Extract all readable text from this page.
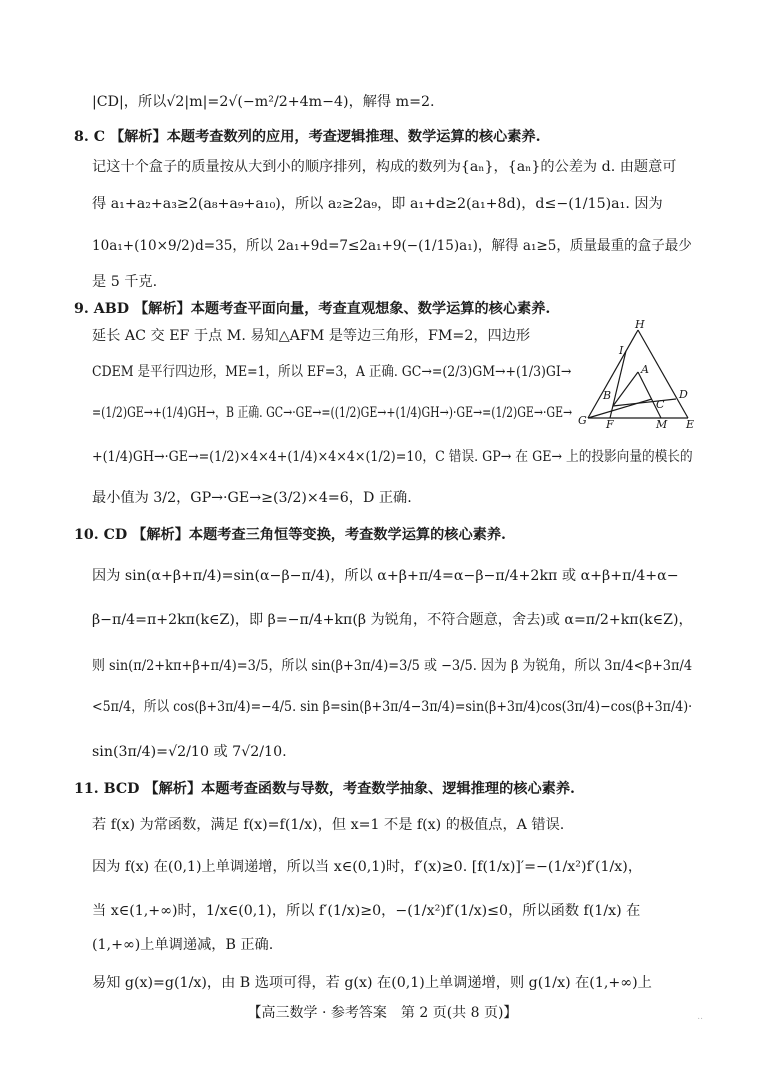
|CD|，所以√2|m|=2√(−m²/2+4m−4)，解得 m=2.
8. C 【解析】本题考查数列的应用，考查逻辑推理、数学运算的核心素养.
记这十个盒子的质量按从大到小的顺序排列，构成的数列为{aₙ}，{aₙ}的公差为 d. 由题意可
得 a₁+a₂+a₃≥2(a₈+a₉+a₁₀)，所以 a₂≥2a₉，即 a₁+d≥2(a₁+8d)，d≤−(1/15)a₁. 因为
10a₁+(10×9/2)d=35，所以 2a₁+9d=7≤2a₁+9(−(1/15)a₁)，解得 a₁≥5，质量最重的盒子最少
是 5 千克.
9. ABD 【解析】本题考查平面向量，考查直观想象、数学运算的核心素养.
延长 AC 交 EF 于点 M. 易知△AFM 是等边三角形，FM=2，四边形
CDEM 是平行四边形，ME=1，所以 EF=3，A 正确. GC→=(2/3)GM→+(1/3)GI→
=(1/2)GE→+(1/4)GH→，B 正确. GC→·GE→=((1/2)GE→+(1/4)GH→)·GE→=(1/2)GE→·GE→
+(1/4)GH→·GE→=(1/2)×4×4+(1/4)×4×4×(1/2)=10，C 错误. GP→ 在 GE→ 上的投影向量的模长的
最小值为 3/2，GP→·GE→≥(3/2)×4=6，D 正确.
10. CD 【解析】本题考查三角恒等变换，考查数学运算的核心素养.
因为 sin(α+β+π/4)=sin(α−β−π/4)，所以 α+β+π/4=α−β−π/4+2kπ 或 α+β+π/4+α−
β−π/4=π+2kπ(k∈Z)，即 β=−π/4+kπ(β 为锐角，不符合题意，舍去)或 α=π/2+kπ(k∈Z)，
则 sin(π/2+kπ+β+π/4)=3/5，所以 sin(β+3π/4)=3/5 或 −3/5. 因为 β 为锐角，所以 3π/4<β+3π/4
<5π/4，所以 cos(β+3π/4)=−4/5. sin β=sin(β+3π/4−3π/4)=sin(β+3π/4)cos(3π/4)−cos(β+3π/4)·
sin(3π/4)=√2/10 或 7√2/10.
11. BCD 【解析】本题考查函数与导数，考查数学抽象、逻辑推理的核心素养.
若 f(x) 为常函数，满足 f(x)=f(1/x)，但 x=1 不是 f(x) 的极值点，A 错误.
因为 f(x) 在(0,1)上单调递增，所以当 x∈(0,1)时，f′(x)≥0. [f(1/x)]′=−(1/x²)f′(1/x)，
当 x∈(1,+∞)时，1/x∈(0,1)，所以 f′(1/x)≥0，−(1/x²)f′(1/x)≤0，所以函数 f(1/x) 在
(1,+∞)上单调递减，B 正确.
易知 g(x)=g(1/x)，由 B 选项可得，若 g(x) 在(0,1)上单调递增，则 g(1/x) 在(1,+∞)上
H
I
A
B
C
D
G F	M E
【高三数学 · 参考答案　第 2 页(共 8 页)】	..
